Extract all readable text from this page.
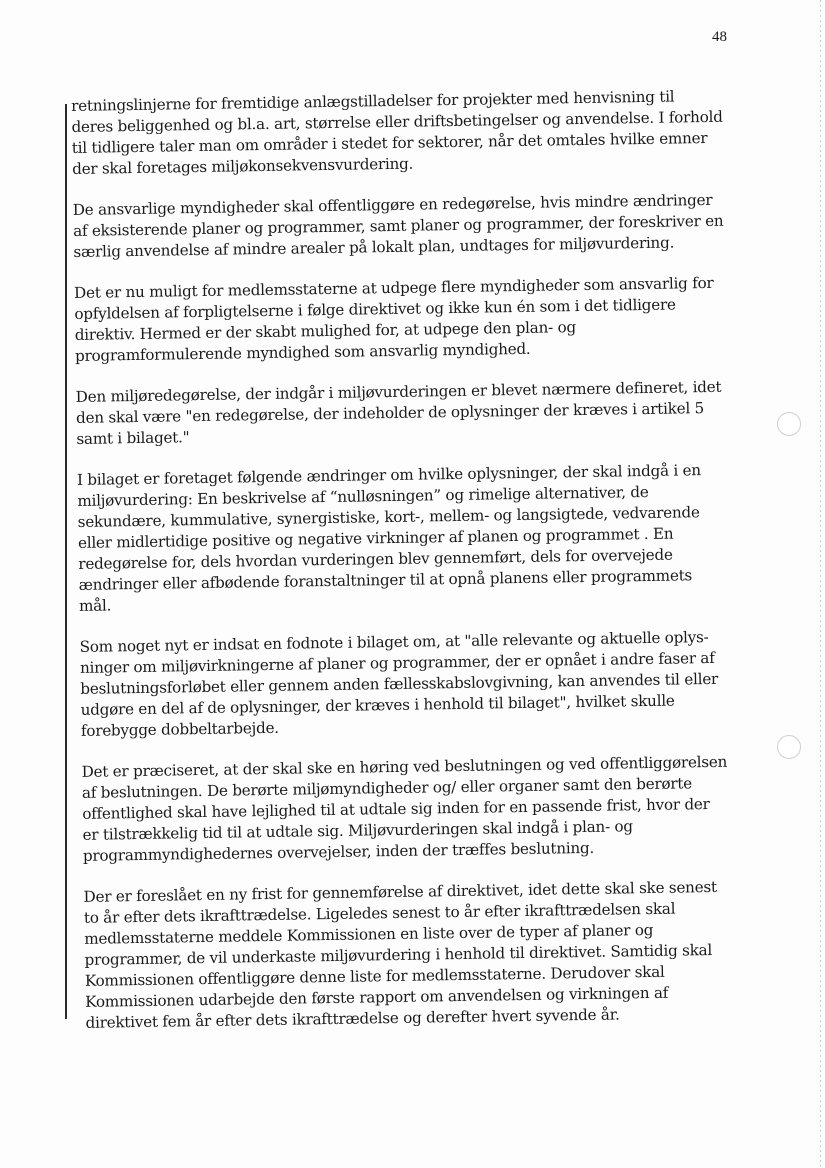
48

retningslinjerne for fremtidige anlægstilladelser for projekter med henvisning til
deres beliggenhed og bl.a. art, størrelse eller driftsbetingelser og anvendelse. I forhold
til tidligere taler man om områder i stedet for sektorer, når det omtales hvilke emner
der skal foretages miljøkonsekvensvurdering.

De ansvarlige myndigheder skal offentliggøre en redegørelse, hvis mindre ændringer
af eksisterende planer og programmer, samt planer og programmer, der foreskriver en
særlig anvendelse af mindre arealer på lokalt plan, undtages for miljøvurdering.

Det er nu muligt for medlemsstaterne at udpege flere myndigheder som ansvarlig for
opfyldelsen af forpligtelserne i følge direktivet og ikke kun én som i det tidligere
direktiv. Hermed er der skabt mulighed for, at udpege den plan- og
programformulerende myndighed som ansvarlig myndighed.

Den miljøredegørelse, der indgår i miljøvurderingen er blevet nærmere defineret, idet
den skal være "en redegørelse, der indeholder de oplysninger der kræves i artikel 5
samt i bilaget."

I bilaget er foretaget følgende ændringer om hvilke oplysninger, der skal indgå i en
miljøvurdering: En beskrivelse af “nulløsningen” og rimelige alternativer, de
sekundære, kummulative, synergistiske, kort-, mellem- og langsigtede, vedvarende
eller midlertidige positive og negative virkninger af planen og programmet . En
redegørelse for, dels hvordan vurderingen blev gennemført, dels for overvejede
ændringer eller afbødende foranstaltninger til at opnå planens eller programmets
mål.

Som noget nyt er indsat en fodnote i bilaget om, at "alle relevante og aktuelle oplys-
ninger om miljøvirkningerne af planer og programmer, der er opnået i andre faser af
beslutningsforløbet eller gennem anden fællesskabslovgivning, kan anvendes til eller
udgøre en del af de oplysninger, der kræves i henhold til bilaget", hvilket skulle
forebygge dobbeltarbejde.

Det er præciseret, at der skal ske en høring ved beslutningen og ved offentliggørelsen
af beslutningen. De berørte miljømyndigheder og/ eller organer samt den berørte
offentlighed skal have lejlighed til at udtale sig inden for en passende frist, hvor der
er tilstrækkelig tid til at udtale sig. Miljøvurderingen skal indgå i plan- og
programmyndighedernes overvejelser, inden der træffes beslutning.

Der er foreslået en ny frist for gennemførelse af direktivet, idet dette skal ske senest
to år efter dets ikrafttrædelse. Ligeledes senest to år efter ikrafttrædelsen skal
medlemsstaterne meddele Kommissionen en liste over de typer af planer og
programmer, de vil underkaste miljøvurdering i henhold til direktivet. Samtidig skal
Kommissionen offentliggøre denne liste for medlemsstaterne. Derudover skal
Kommissionen udarbejde den første rapport om anvendelsen og virkningen af
direktivet fem år efter dets ikrafttrædelse og derefter hvert syvende år.
